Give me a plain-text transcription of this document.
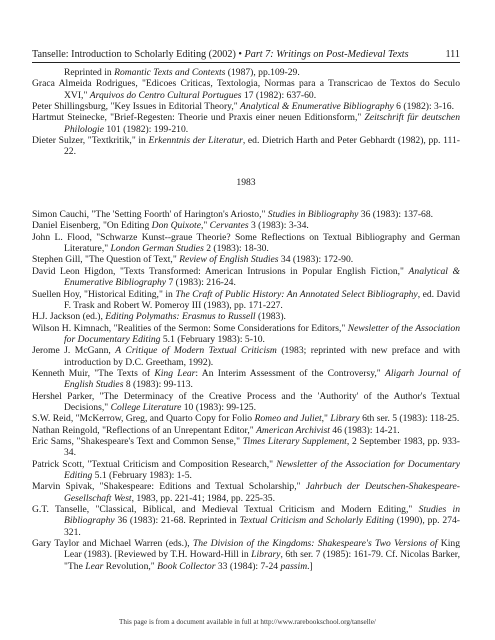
Tanselle: Introduction to Scholarly Editing (2002) • Part 7: Writings on Post-Medieval Texts	111

Reprinted in Romantic Texts and Contexts (1987), pp.109-29.

Graca Almeida Rodrigues, "Edicoes Criticas, Textologia, Normas para a Transcricao de Textos do Seculo XVI," Arquivos do Centro Cultural Portugues 17 (1982): 637-60.

Peter Shillingsburg, "Key Issues in Editorial Theory," Analytical & Enumerative Bibliography 6 (1982): 3-16.

Hartmut Steinecke, "Brief-Regesten: Theorie und Praxis einer neuen Editionsform," Zeitschrift für deutschen Philologie 101 (1982): 199-210.

Dieter Sulzer, "Textkritik," in Erkenntnis der Literatur, ed. Dietrich Harth and Peter Gebhardt (1982), pp. 111-22.

1983

Simon Cauchi, "The 'Setting Foorth' of Harington's Ariosto," Studies in Bibliography 36 (1983): 137-68.

Daniel Eisenberg, "On Editing Don Quixote," Cervantes 3 (1983): 3-34.

John L. Flood, "Schwarze Kunst--graue Theorie? Some Reflections on Textual Bibliography and German Literature," London German Studies 2 (1983): 18-30.

Stephen Gill, "The Question of Text," Review of English Studies 34 (1983): 172-90.

David Leon Higdon, "Texts Transformed: American Intrusions in Popular English Fiction," Analytical & Enumerative Bibliography 7 (1983): 216-24.

Suellen Hoy, "Historical Editing," in The Craft of Public History: An Annotated Select Bibliography, ed. David F. Trask and Robert W. Pomeroy III (1983), pp. 171-227.

H.J. Jackson (ed.), Editing Polymaths: Erasmus to Russell (1983).

Wilson H. Kimnach, "Realities of the Sermon: Some Considerations for Editors," Newsletter of the Association for Documentary Editing 5.1 (February 1983): 5-10.

Jerome J. McGann, A Critique of Modern Textual Criticism (1983; reprinted with new preface and with introduction by D.C. Greetham, 1992).

Kenneth Muir, "The Texts of King Lear: An Interim Assessment of the Controversy," Aligarh Journal of English Studies 8 (1983): 99-113.

Hershel Parker, "The Determinacy of the Creative Process and the 'Authority' of the Author's Textual Decisions," College Literature 10 (1983): 99-125.

S.W. Reid, "McKerrow, Greg, and Quarto Copy for Folio Romeo and Juliet," Library 6th ser. 5 (1983): 118-25.

Nathan Reingold, "Reflections of an Unrepentant Editor," American Archivist 46 (1983): 14-21.

Eric Sams, "Shakespeare's Text and Common Sense," Times Literary Supplement, 2 September 1983, pp. 933-34.

Patrick Scott, "Textual Criticism and Composition Research," Newsletter of the Association for Documentary Editing 5.1 (February 1983): 1-5.

Marvin Spivak, "Shakespeare: Editions and Textual Scholarship," Jahrbuch der Deutschen-Shakespeare-Gesellschaft West, 1983, pp. 221-41; 1984, pp. 225-35.

G.T. Tanselle, "Classical, Biblical, and Medieval Textual Criticism and Modern Editing," Studies in Bibliography 36 (1983): 21-68. Reprinted in Textual Criticism and Scholarly Editing (1990), pp. 274-321.

Gary Taylor and Michael Warren (eds.), The Division of the Kingdoms: Shakespeare's Two Versions of King Lear (1983). [Reviewed by T.H. Howard-Hill in Library, 6th ser. 7 (1985): 161-79. Cf. Nicolas Barker, "The Lear Revolution," Book Collector 33 (1984): 7-24 passim.]

This page is from a document available in full at http://www.rarebookschool.org/tanselle/
